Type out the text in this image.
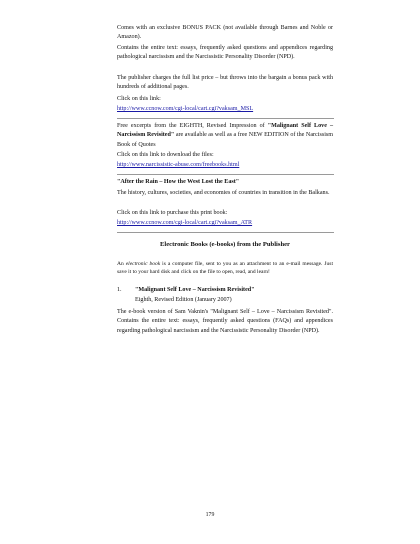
Comes with an exclusive BONUS PACK (not available through Barnes and Noble or Amazon).
Contains the entire text: essays, frequently asked questions and appendices regarding pathological narcissism and the Narcissistic Personality Disorder (NPD).
The publisher charges the full list price – but throws into the bargain a bonus pack with hundreds of additional pages.
Click on this link:
http://www.ccnow.com/cgi-local/cart.cgi?vaksam_MSL
Free excerpts from the EIGHTH, Revised Impression of "Malignant Self Love – Narcissism Revisited" are available as well as a free NEW EDITION of the Narcissism Book of Quotes
Click on this link to download the files:
http://www.narcissistic-abuse.com/freebooks.html
"After the Rain – How the West Lost the East"
The history, cultures, societies, and economies of countries in transition in the Balkans.
Click on this link to purchase this print book:
http://www.ccnow.com/cgi-local/cart.cgi?vaksam_ATR
Electronic Books (e-books) from the Publisher
An electronic book is a computer file, sent to you as an attachment to an e-mail message. Just save it to your hard disk and click on the file to open, read, and learn!
1. "Malignant Self Love – Narcissism Revisited"
Eighth, Revised Edition (January 2007)
The e-book version of Sam Vaknin's "Malignant Self – Love – Narcissism Revisited". Contains the entire text: essays, frequently asked questions (FAQs) and appendices regarding pathological narcissism and the Narcissistic Personality Disorder (NPD).
179
